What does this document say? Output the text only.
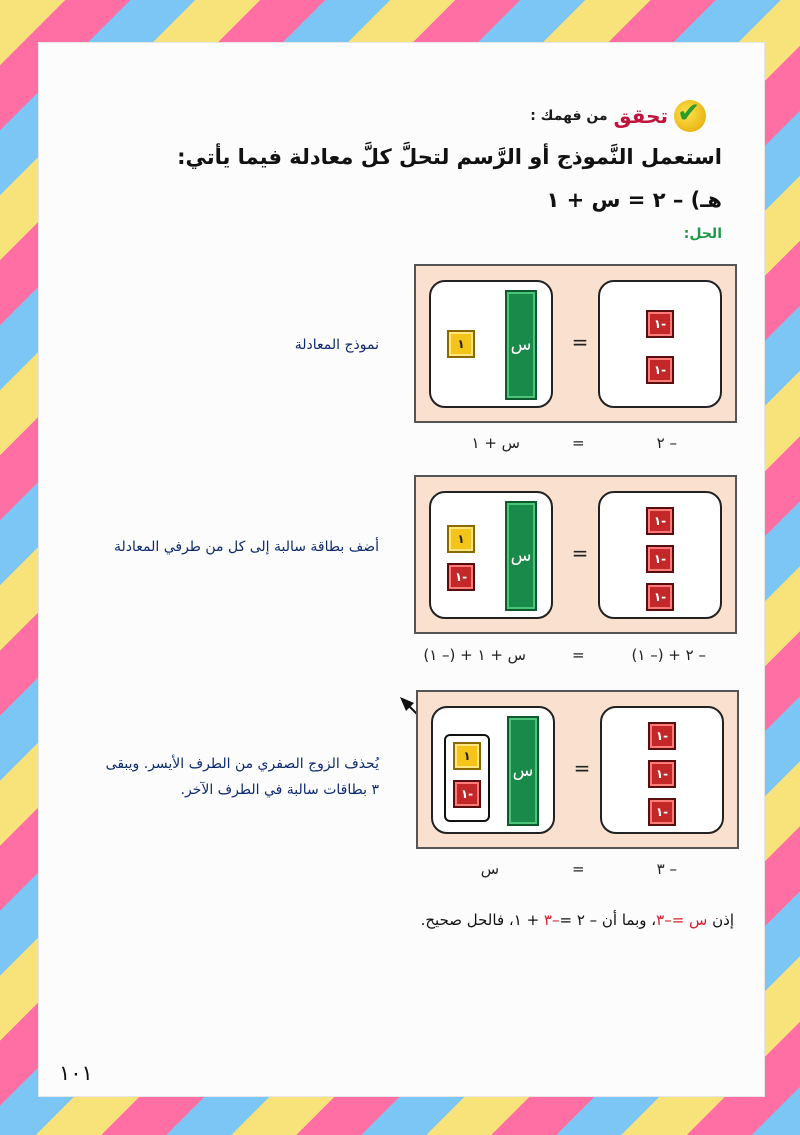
✔
تحقق
من فهمك :
استعمل النَّموذج أو الرَّسم لتحلَّ كلَّ معادلة فيما يأتي:
هـ) – ٢ = س + ١
الحل:
نموذج المعادلة	١	س =
١-
١-
– ٢
=
س + ١
أضف بطاقة سالبة إلى كل من طرفي المعادلة	١
١-
س =
١-
١-
١-
– ٢ + (– ١)
=
س + ١ + (– ١)
يُحذف الزوج الصفري من الطرف الأيسر. ويبقى
٣ بطاقات سالبة في الطرف الآخر.
١
١-
س =
١-
١-
١-
– ٣
=
س
إذن س =–٣، وبما أن – ٢ =–٣ + ١، فالحل صحيح.
١٠١
